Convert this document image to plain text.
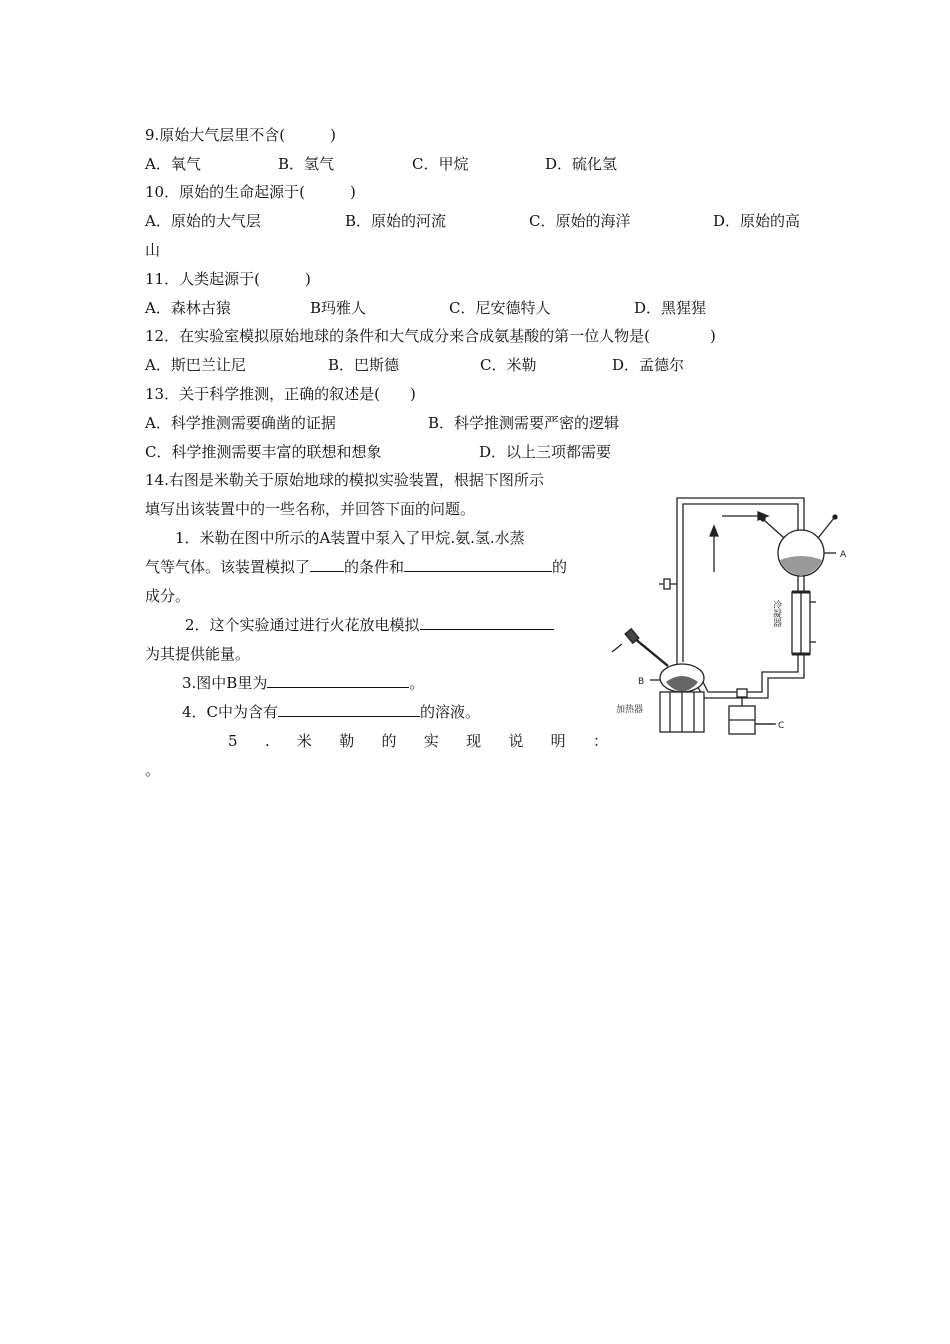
9.原始大气层里不含(　　　)
A．氧气	B．氢气	C．甲烷	D．硫化氢
10．原始的生命起源于(　　　)
A．原始的大气层	B．原始的河流	C．原始的海洋	D．原始的高
山
11．人类起源于(　　　)
A．森林古猿	B玛雅人	C．尼安德特人	D．黑猩猩
12．在实验室模拟原始地球的条件和大气成分来合成氨基酸的第一位人物是(　　　　)
A．斯巴兰让尼	B．巴斯德	C．米勒	D．孟德尔
13．关于科学推测，正确的叙述是(　　)
A．科学推测需要确凿的证据	B．科学推测需要严密的逻辑
C．科学推测需要丰富的联想和想象	D．以上三项都需要
14.右图是米勒关于原始地球的模拟实验装置，根据下图所示
填写出该装置中的一些名称，并回答下面的问题。
1．米勒在图中所示的A装置中泵入了甲烷.氨.氢.水蒸
气等气体。该装置模拟了 的条件和	的
成分。
2．这个实验通过进行火花放电模拟
为其提供能量。
3.图中B里为	。
4．C中为含有	的溶液。
5 . 米 勒 的 实 现 说 明 ：
。
A
B
C
冷凝器
加热器
